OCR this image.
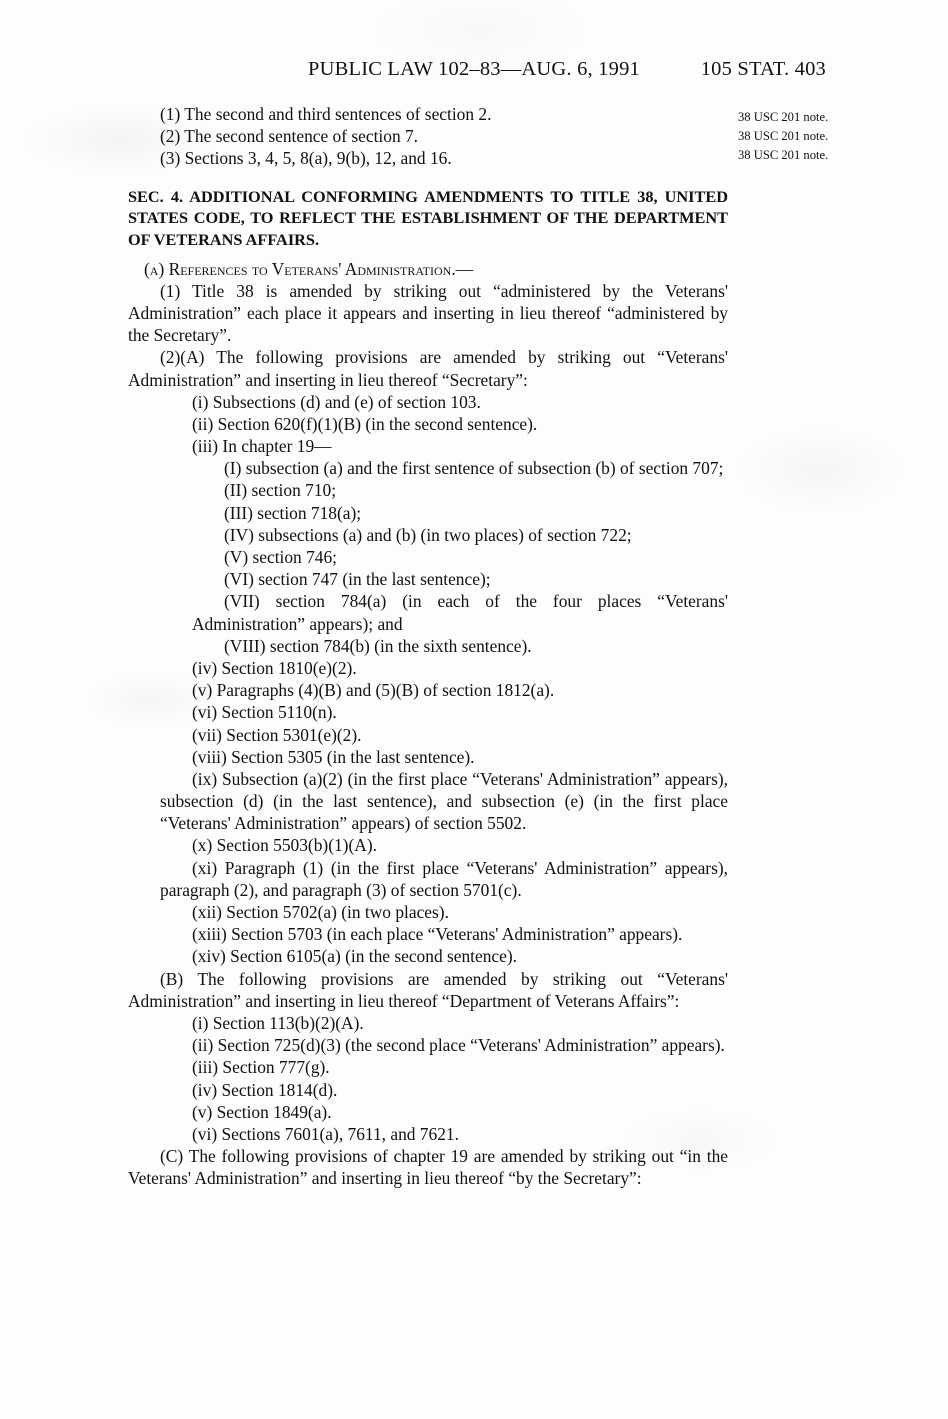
PUBLIC LAW 102–83—AUG. 6, 1991	105 STAT. 403
38 USC 201 note.
38 USC 201 note.
38 USC 201 note.

(1) The second and third sentences of section 2.

(2) The second sentence of section 7.

(3) Sections 3, 4, 5, 8(a), 9(b), 12, and 16.

SEC. 4. ADDITIONAL CONFORMING AMENDMENTS TO TITLE 38, UNITED STATES CODE, TO REFLECT THE ESTABLISHMENT OF THE DEPARTMENT OF VETERANS AFFAIRS.

(a) References to Veterans' Administration.—

(1) Title 38 is amended by striking out “administered by the Veterans' Administration” each place it appears and inserting in lieu thereof “administered by the Secretary”.

(2)(A) The following provisions are amended by striking out “Veterans' Administration” and inserting in lieu thereof “Secretary”:

(i) Subsections (d) and (e) of section 103.

(ii) Section 620(f)(1)(B) (in the second sentence).

(iii) In chapter 19—

(I) subsection (a) and the first sentence of subsection (b) of section 707;

(II) section 710;

(III) section 718(a);

(IV) subsections (a) and (b) (in two places) of section 722;

(V) section 746;

(VI) section 747 (in the last sentence);

(VII) section 784(a) (in each of the four places “Veterans' Administration” appears); and

(VIII) section 784(b) (in the sixth sentence).

(iv) Section 1810(e)(2).

(v) Paragraphs (4)(B) and (5)(B) of section 1812(a).

(vi) Section 5110(n).

(vii) Section 5301(e)(2).

(viii) Section 5305 (in the last sentence).

(ix) Subsection (a)(2) (in the first place “Veterans' Administration” appears), subsection (d) (in the last sentence), and subsection (e) (in the first place “Veterans' Administration” appears) of section 5502.

(x) Section 5503(b)(1)(A).

(xi) Paragraph (1) (in the first place “Veterans' Administration” appears), paragraph (2), and paragraph (3) of section 5701(c).

(xii) Section 5702(a) (in two places).

(xiii) Section 5703 (in each place “Veterans' Administration” appears).

(xiv) Section 6105(a) (in the second sentence).

(B) The following provisions are amended by striking out “Veterans' Administration” and inserting in lieu thereof “Department of Veterans Affairs”:

(i) Section 113(b)(2)(A).

(ii) Section 725(d)(3) (the second place “Veterans' Administration” appears).

(iii) Section 777(g).

(iv) Section 1814(d).

(v) Section 1849(a).

(vi) Sections 7601(a), 7611, and 7621.

(C) The following provisions of chapter 19 are amended by striking out “in the Veterans' Administration” and inserting in lieu thereof “by the Secretary”:
